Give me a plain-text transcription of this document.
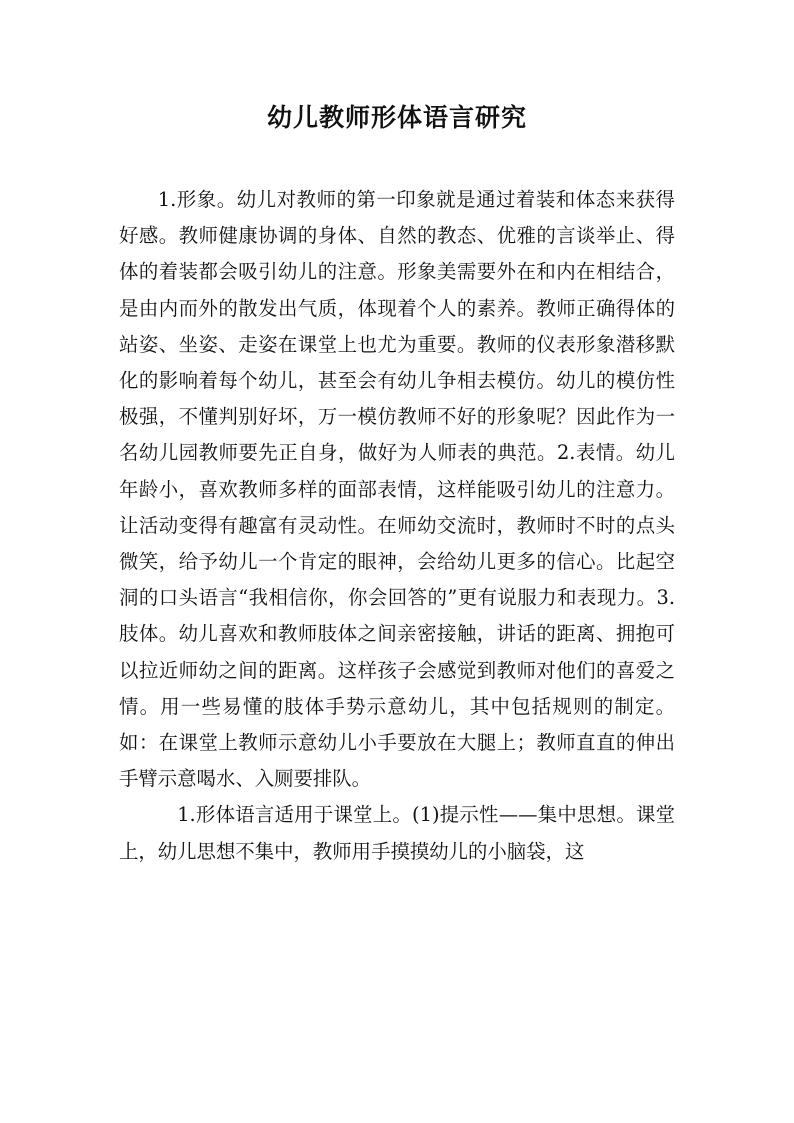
幼儿教师形体语言研究

1.形象。幼儿对教师的第一印象就是通过着装和体态来获得好感。教师健康协调的身体、自然的教态、优雅的言谈举止、得体的着装都会吸引幼儿的注意。形象美需要外在和内在相结合，是由内而外的散发出气质，体现着个人的素养。教师正确得体的站姿、坐姿、走姿在课堂上也尤为重要。教师的仪表形象潜移默化的影响着每个幼儿，甚至会有幼儿争相去模仿。幼儿的模仿性极强，不懂判别好坏，万一模仿教师不好的形象呢？因此作为一名幼儿园教师要先正自身，做好为人师表的典范。2.表情。幼儿年龄小，喜欢教师多样的面部表情，这样能吸引幼儿的注意力。让活动变得有趣富有灵动性。在师幼交流时，教师时不时的点头微笑，给予幼儿一个肯定的眼神，会给幼儿更多的信心。比起空洞的口头语言“我相信你，你会回答的”更有说服力和表现力。3.肢体。幼儿喜欢和教师肢体之间亲密接触，讲话的距离、拥抱可以拉近师幼之间的距离。这样孩子会感觉到教师对他们的喜爱之情。用一些易懂的肢体手势示意幼儿，其中包括规则的制定。如：在课堂上教师示意幼儿小手要放在大腿上；教师直直的伸出手臂示意喝水、入厕要排队。

1.形体语言适用于课堂上。(1)提示性——集中思想。课堂上，幼儿思想不集中，教师用手摸摸幼儿的小脑袋，这
